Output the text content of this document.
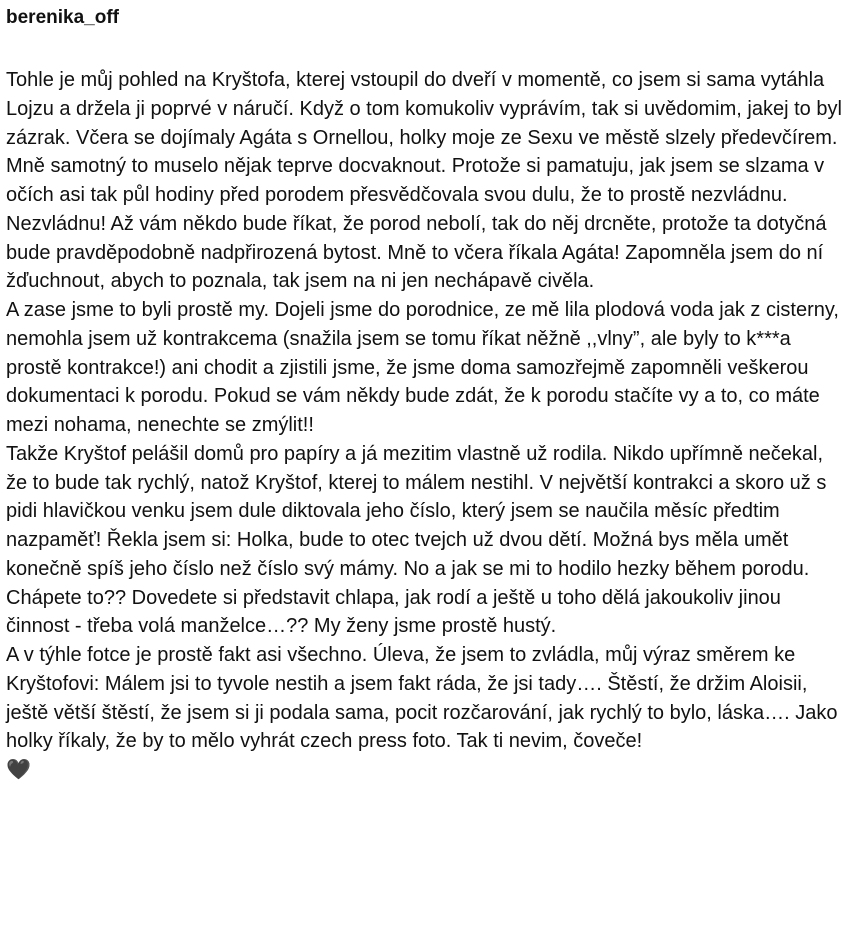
berenika_off
Tohle je můj pohled na Kryštofa, kterej vstoupil do dveří v momentě, co jsem si sama vytáhla Lojzu a držela ji poprvé v náručí. Když o tom komukoliv vyprávím, tak si uvědomim, jakej to byl zázrak. Včera se dojímaly Agáta s Ornellou, holky moje ze Sexu ve městě slzely předevčírem. Mně samotný to muselo nějak teprve docvaknout. Protože si pamatuju, jak jsem se slzama v očích asi tak půl hodiny před porodem přesvědčovala svou dulu, že to prostě nezvládnu. Nezvládnu! Až vám někdo bude říkat, že porod nebolí, tak do něj drcněte, protože ta dotyčná bude pravděpodobně nadpřirozená bytost. Mně to včera říkala Agáta! Zapomněla jsem do ní žďuchnout, abych to poznala, tak jsem na ni jen nechápavě civěla.
A zase jsme to byli prostě my. Dojeli jsme do porodnice, ze mě lila plodová voda jak z cisterny, nemohla jsem už kontrakcema (snažila jsem se tomu říkat něžně ,,vlny”, ale byly to k***a prostě kontrakce!) ani chodit a zjistili jsme, že jsme doma samozřejmě zapomněli veškerou dokumentaci k porodu. Pokud se vám někdy bude zdát, že k porodu stačíte vy a to, co máte mezi nohama, nenechte se zmýlit!!
Takže Kryštof pelášil domů pro papíry a já mezitim vlastně už rodila. Nikdo upřímně nečekal, že to bude tak rychlý, natož Kryštof, kterej to málem nestihl. V největší kontrakci a skoro už s pidi hlavičkou venku jsem dule diktovala jeho číslo, který jsem se naučila měsíc předtim nazpaměť! Řekla jsem si: Holka, bude to otec tvejch už dvou dětí. Možná bys měla umět konečně spíš jeho číslo než číslo svý mámy. No a jak se mi to hodilo hezky během porodu. Chápete to?? Dovedete si představit chlapa, jak rodí a ještě u toho dělá jakoukoliv jinou činnost - třeba volá manželce…?? My ženy jsme prostě hustý.
A v týhle fotce je prostě fakt asi všechno. Úleva, že jsem to zvládla, můj výraz směrem ke Kryštofovi: Málem jsi to tyvole nestih a jsem fakt ráda, že jsi tady…. Štěstí, že držim Aloisii, ještě větší štěstí, že jsem si ji podala sama, pocit rozčarování, jak rychlý to bylo, láska…. Jako holky říkaly, že by to mělo vyhrát czech press foto. Tak ti nevim, čoveče!
🖤
